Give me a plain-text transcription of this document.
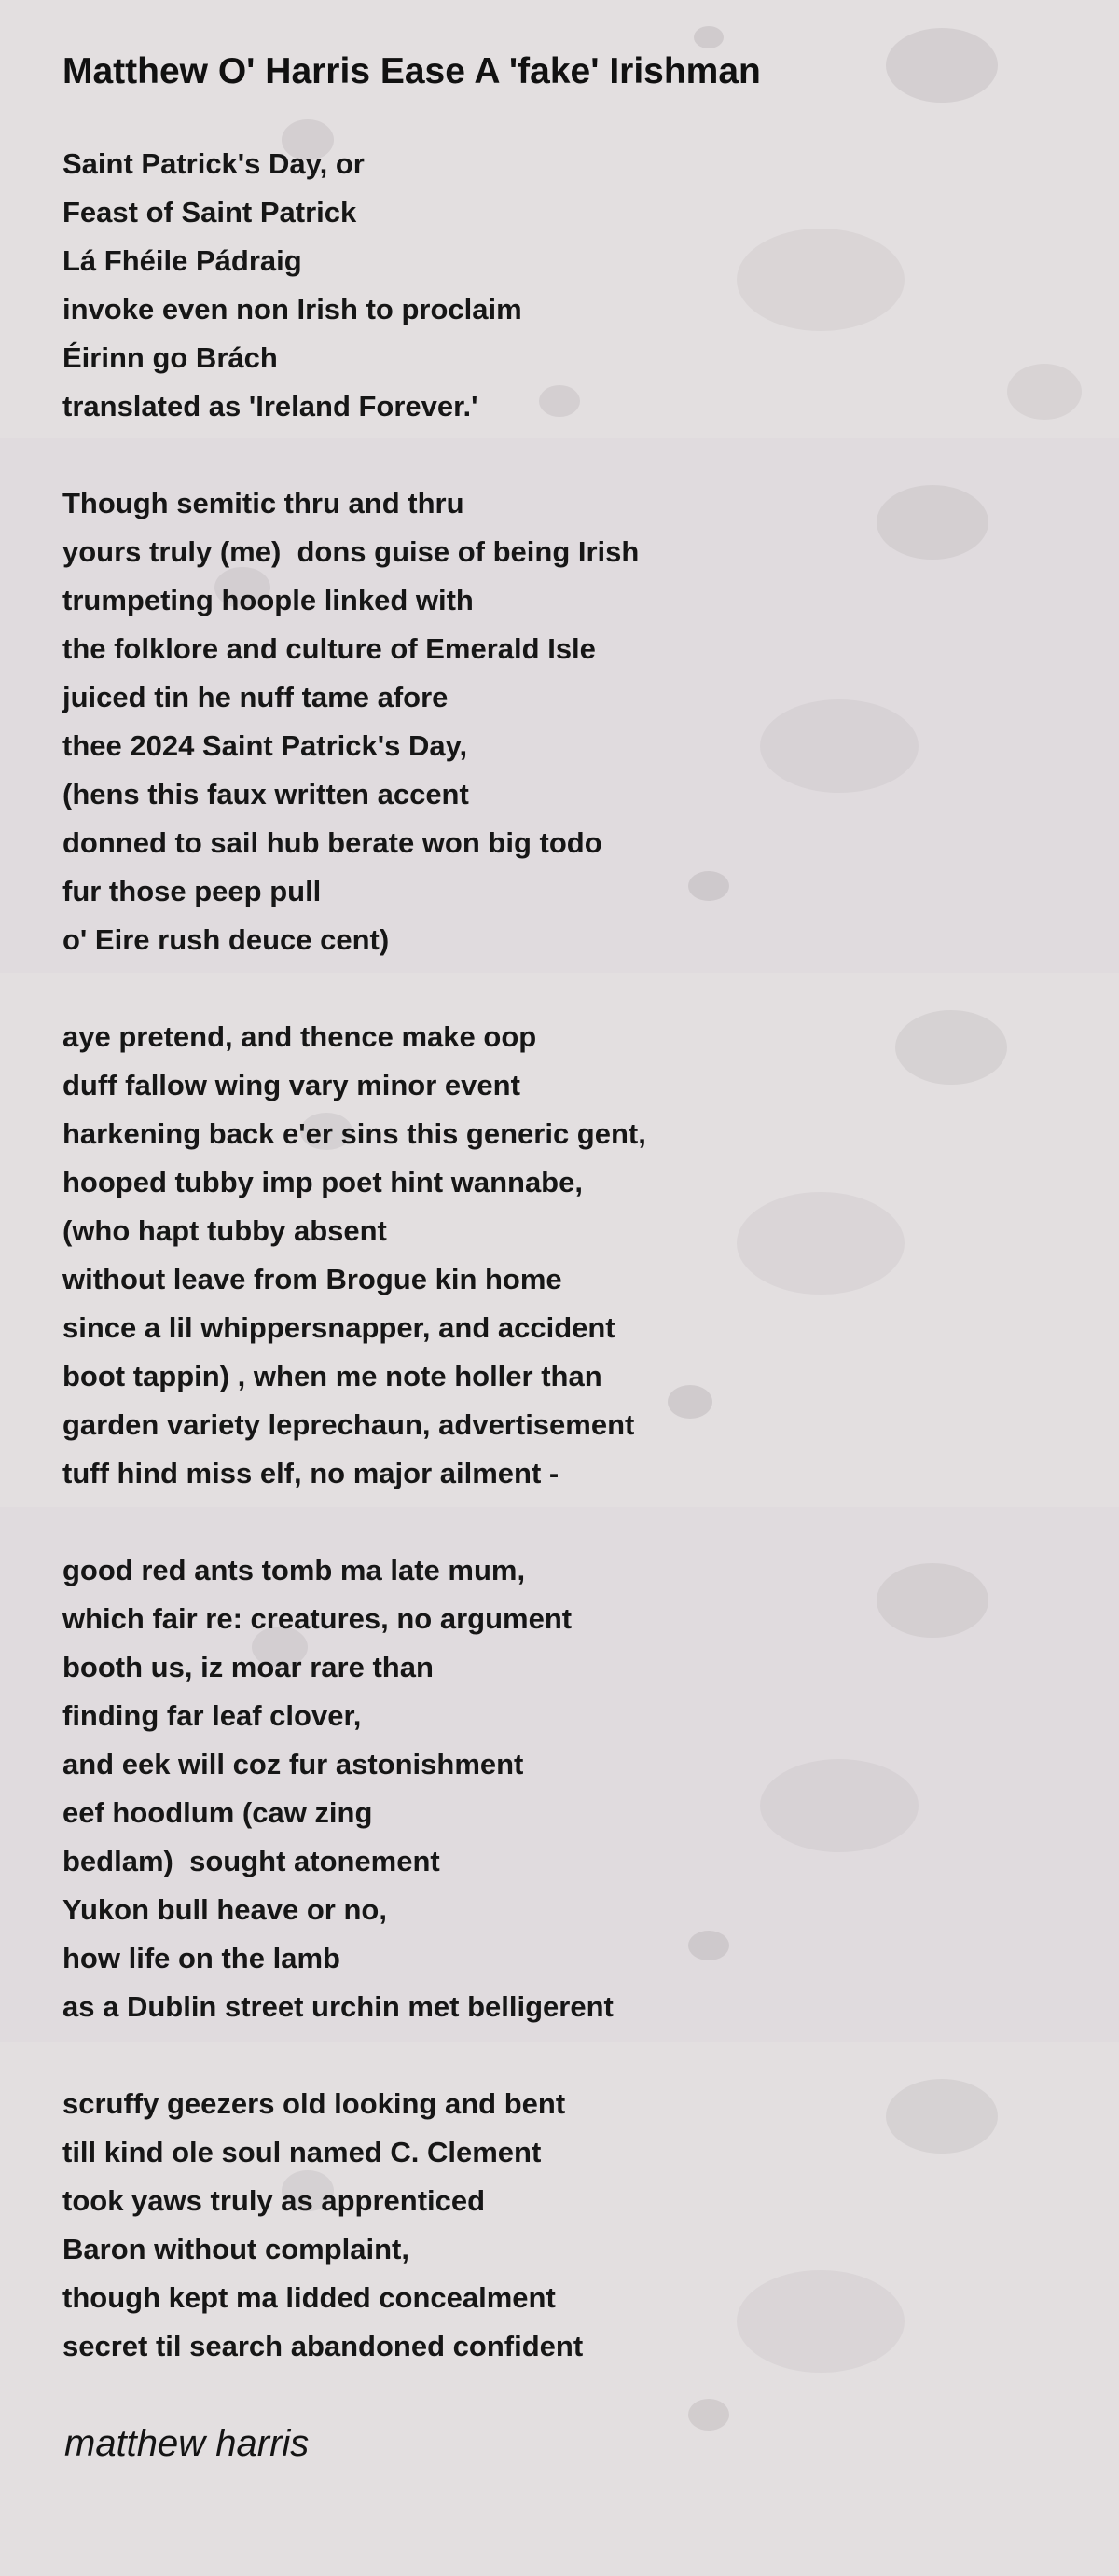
Matthew O' Harris Ease A 'fake' Irishman
Saint Patrick's Day, or
Feast of Saint Patrick
Lá Fhéile Pádraig
invoke even non Irish to proclaim
Éirinn go Brách
translated as 'Ireland Forever.'
Though semitic thru and thru
yours truly (me)  dons guise of being Irish
trumpeting hoople linked with
the folklore and culture of Emerald Isle
juiced tin he nuff tame afore
thee 2024 Saint Patrick's Day,
(hens this faux written accent
donned to sail hub berate won big todo
fur those peep pull
o' Eire rush deuce cent)
aye pretend, and thence make oop
duff fallow wing vary minor event
harkening back e'er sins this generic gent,
hooped tubby imp poet hint wannabe,
(who hapt tubby absent
without leave from Brogue kin home
since a lil whippersnapper, and accident
boot tappin) , when me note holler than
garden variety leprechaun, advertisement
tuff hind miss elf, no major ailment -
good red ants tomb ma late mum,
which fair re: creatures, no argument
booth us, iz moar rare than
finding far leaf clover,
and eek will coz fur astonishment
eef hoodlum (caw zing
bedlam)  sought atonement
Yukon bull heave or no,
how life on the lamb
as a Dublin street urchin met belligerent
scruffy geezers old looking and bent
till kind ole soul named C. Clement
took yaws truly as apprenticed
Baron without complaint,
though kept ma lidded concealment
secret til search abandoned confident

matthew harris
